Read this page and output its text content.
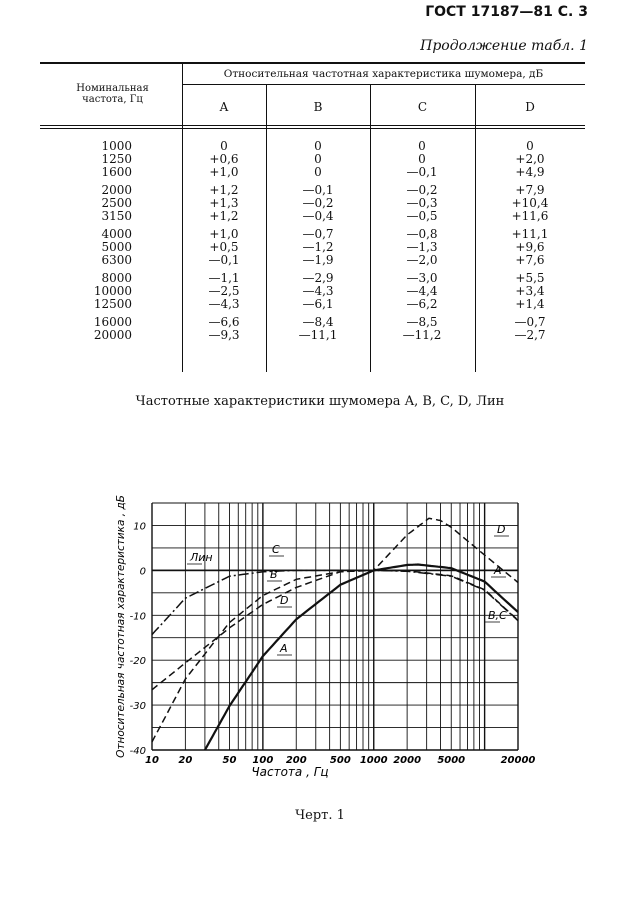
ГОСТ 17187—81 С. 3
Продолжение табл. 1
Номинальная
частота, Гц
Относительная частотная характеристика шумомера, дБ
A	B	C	D
1000	0	0	0	0
1250	+0,6	0	0	+2,0
1600	+1,0	0	—0,1	+4,9
2000	+1,2	—0,1	—0,2	+7,9
2500	+1,3	—0,2	—0,3	+10,4
3150	+1,2	—0,4	—0,5	+11,6
4000	+1,0	—0,7	—0,8	+11,1
5000	+0,5	—1,2	—1,3	+9,6
6300	—0,1	—1,9	—2,0	+7,6
8000	—1,1	—2,9	—3,0	+5,5
10000	—2,5	—4,3	—4,4	+3,4
12500	—4,3	—6,1	—6,2	+1,4
16000	—6,6	—8,4	—8,5	—0,7
20000	—9,3	—11,1	—11,2	—2,7
Частотные характеристики шумомера A, B, C, D, Лин
10
0
-10
-20
-30
-40
10 20	50 100 200 500 1000 2000 5000	20000
Частота , Гц
Относительная частотная характеристика , дБ	C
B
D
A
Лин
D
A
B,C
Черт. 1
